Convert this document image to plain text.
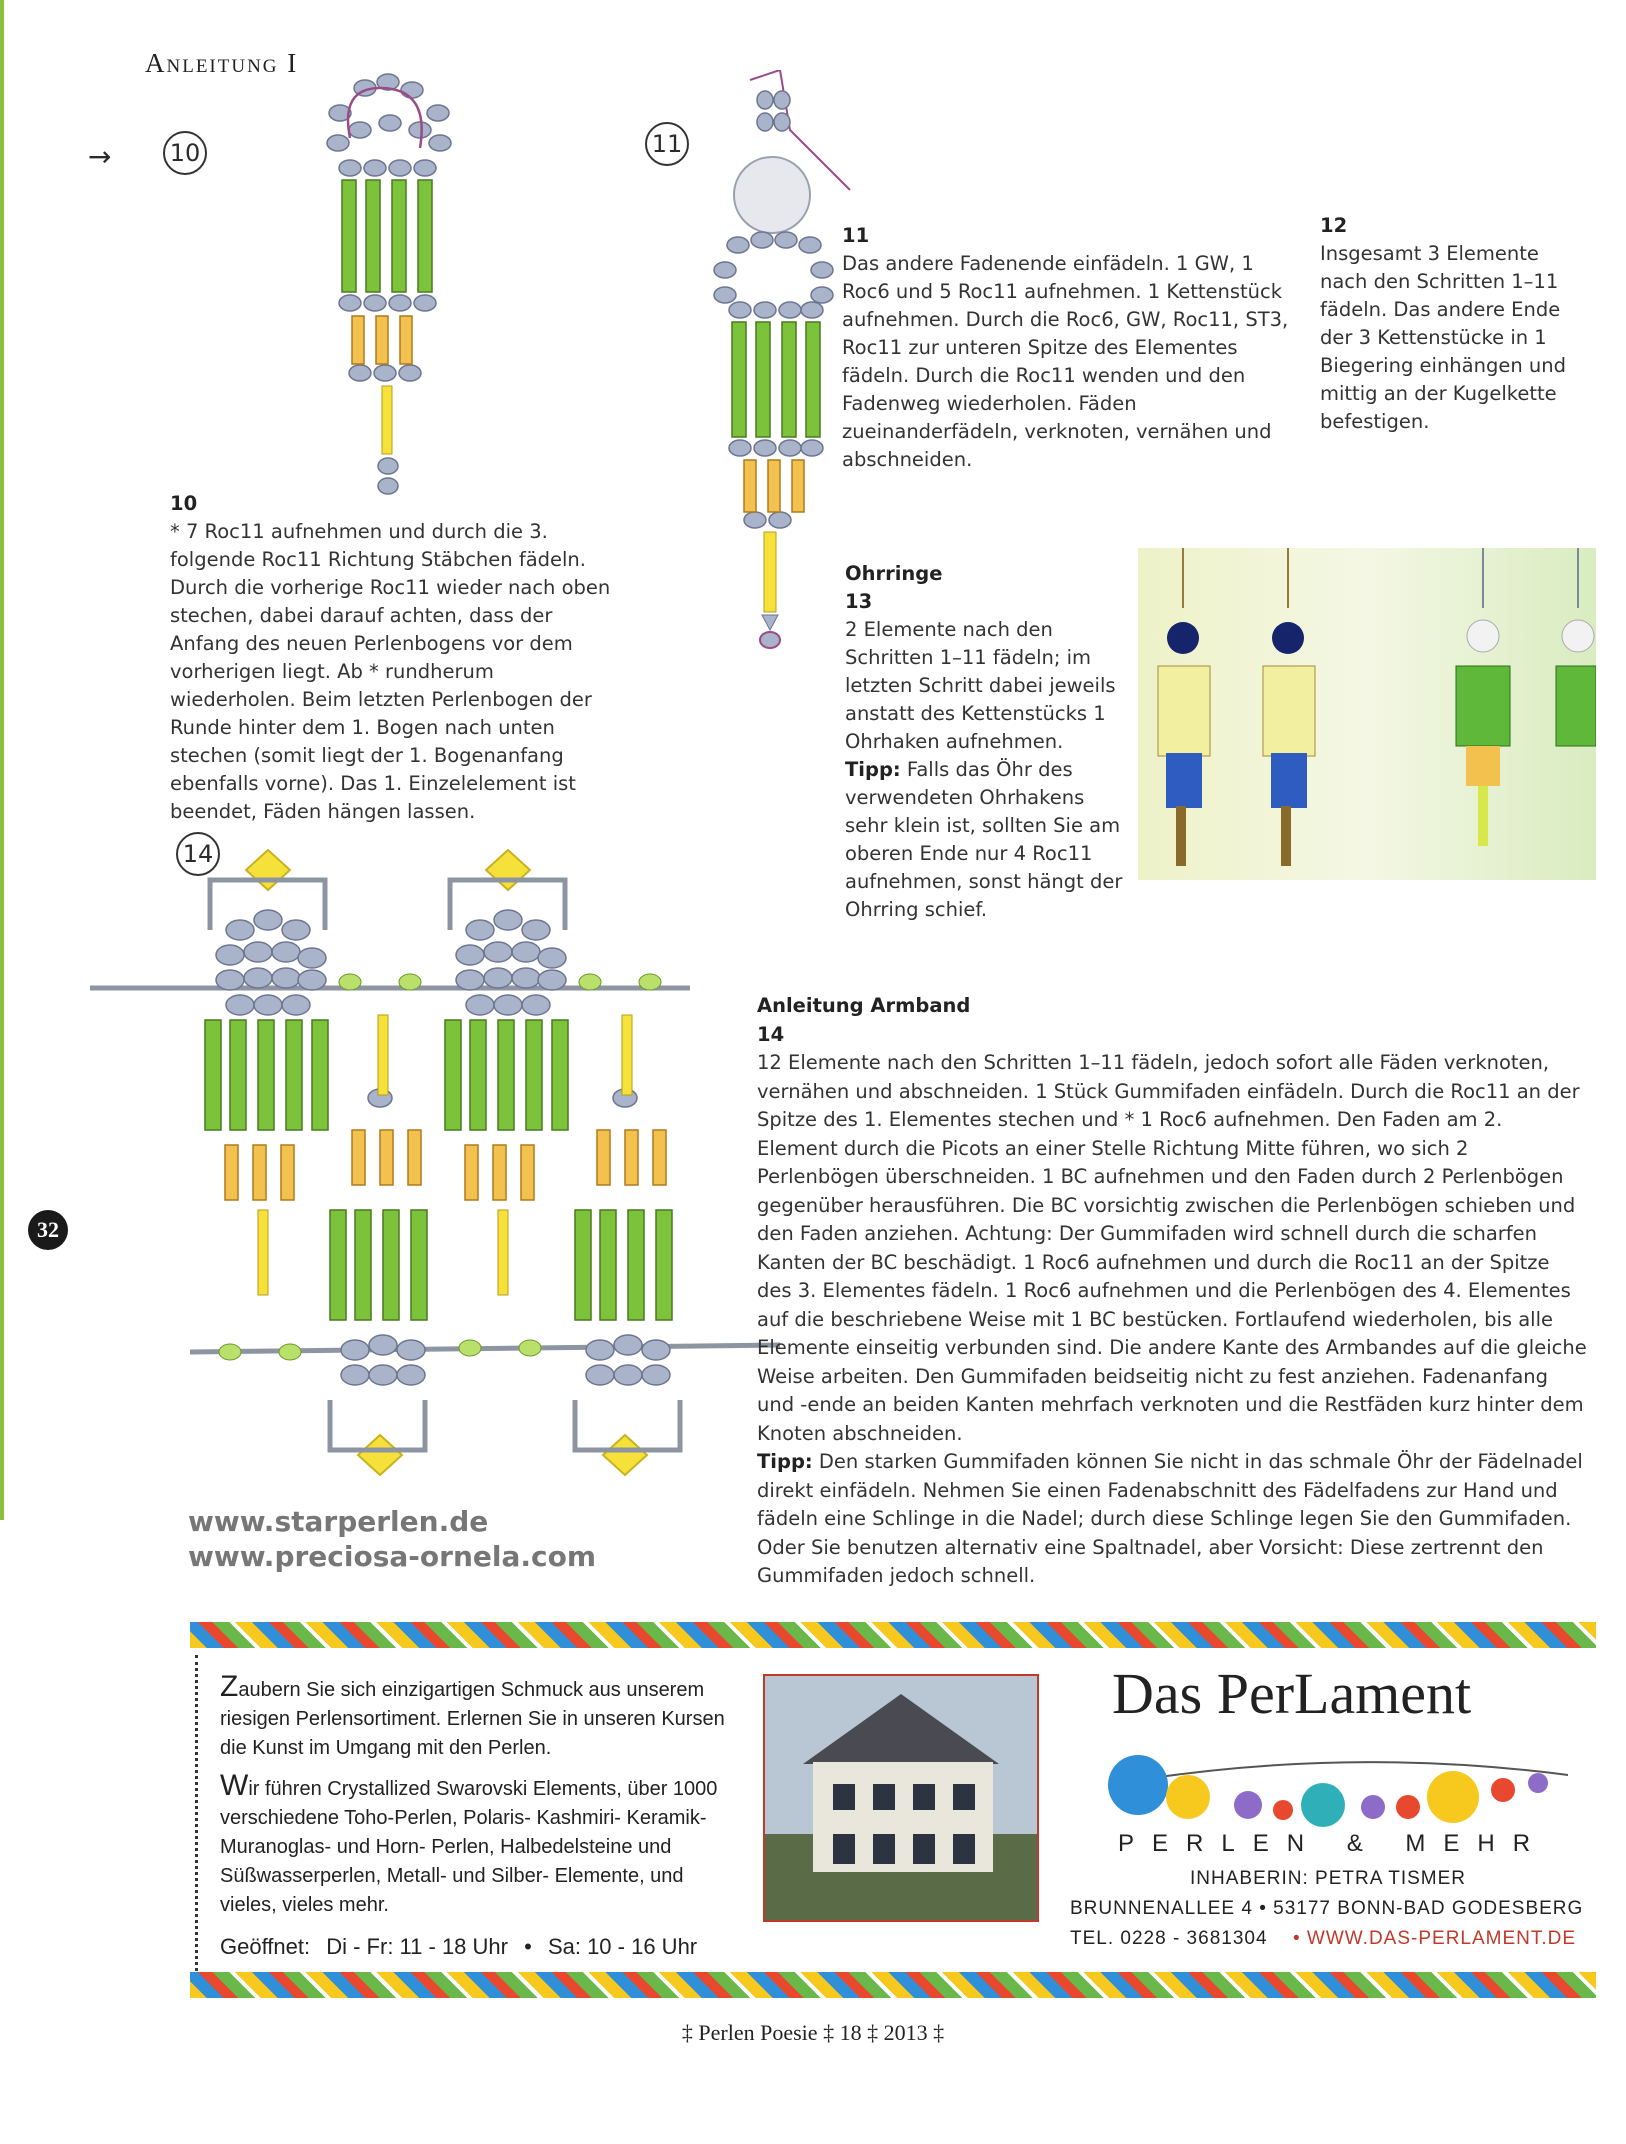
Anleitung I
→ 10	11
10

* 7 Roc11 aufnehmen und durch die 3. folgende Roc11 Richtung Stäbchen fädeln. Durch die vorherige Roc11 wieder nach oben stechen, dabei darauf achten, dass der Anfang des neuen Perlenbogens vor dem vorherigen liegt. Ab * rundherum wiederholen. Beim letzten Perlenbogen der Runde hinter dem 1. Bogen nach unten stechen (somit liegt der 1. Bogenanfang ebenfalls vorne). Das 1. Einzelelement ist beendet, Fäden hängen lassen.

11

Das andere Fadenende einfädeln. 1 GW, 1 Roc6 und 5 Roc11 aufnehmen. 1 Kettenstück aufnehmen. Durch die Roc6, GW, Roc11, ST3, Roc11 zur unteren Spitze des Elementes fädeln. Durch die Roc11 wenden und den Fadenweg wiederholen. Fäden zueinanderfädeln, verknoten, vernähen und abschneiden.

12

Insgesamt 3 Elemente nach den Schritten 1–11 fädeln. Das andere Ende der 3 Kettenstücke in 1 Biegering einhängen und mittig an der Kugelkette befestigen.

Ohrringe
13

2 Elemente nach den Schritten 1–11 fädeln; im letzten Schritt dabei jeweils anstatt des Kettenstücks 1 Ohrhaken aufnehmen.

Tipp: Falls das Öhr des verwendeten Ohrhakens sehr klein ist, sollten Sie am oberen Ende nur 4 Roc11 aufnehmen, sonst hängt der Ohrring schief.

14
32
www.starperlen.de
www.preciosa-ornela.com
Anleitung Armband
14

12 Elemente nach den Schritten 1–11 fädeln, jedoch sofort alle Fäden verknoten, vernähen und abschneiden. 1 Stück Gummifaden einfädeln. Durch die Roc11 an der Spitze des 1. Elementes stechen und * 1 Roc6 aufnehmen. Den Faden am 2. Element durch die Picots an einer Stelle Richtung Mitte führen, wo sich 2 Perlenbögen überschneiden. 1 BC aufnehmen und den Faden durch 2 Perlenbögen gegenüber herausführen. Die BC vorsichtig zwischen die Perlenbögen schieben und den Faden anziehen. Achtung: Der Gummifaden wird schnell durch die scharfen Kanten der BC beschädigt. 1 Roc6 aufnehmen und durch die Roc11 an der Spitze des 3. Elementes fädeln. 1 Roc6 aufnehmen und die Perlenbögen des 4. Elementes auf die beschriebene Weise mit 1 BC bestücken. Fortlaufend wiederholen, bis alle Elemente einseitig verbunden sind. Die andere Kante des Armbandes auf die gleiche Weise arbeiten. Den Gummifaden beidseitig nicht zu fest anziehen. Fadenanfang und -ende an beiden Kanten mehrfach verknoten und die Restfäden kurz hinter dem Knoten abschneiden.

Tipp: Den starken Gummifaden können Sie nicht in das schmale Öhr der Fädelnadel direkt einfädeln. Nehmen Sie einen Fadenabschnitt des Fädelfadens zur Hand und fädeln eine Schlinge in die Nadel; durch diese Schlinge legen Sie den Gummifaden. Oder Sie benutzen alternativ eine Spaltnadel, aber Vorsicht: Diese zertrennt den Gummifaden jedoch schnell.

Zaubern Sie sich einzigartigen Schmuck aus unserem riesigen Perlensortiment. Erlernen Sie in unseren Kursen die Kunst im Umgang mit den Perlen.
Wir führen Crystallized Swarovski Elements, über 1000 verschiedene Toho-Perlen, Polaris- Kashmiri- Keramik- Muranoglas- und Horn- Perlen, Halbedelsteine und Süßwasserperlen, Metall- und Silber- Elemente, und vieles, vieles mehr.
Geöffnet: Di - Fr: 11 - 18 Uhr • Sa: 10 - 16 Uhr
Das PerLament
PERLEN & MEHR
INHABERIN: PETRA TISMER
BRUNNENALLEE 4 • 53177 BONN-BAD GODESBERG
TEL. 0228 - 3681304 • WWW.DAS-PERLAMENT.DE
‡ Perlen Poesie ‡ 18 ‡ 2013 ‡
